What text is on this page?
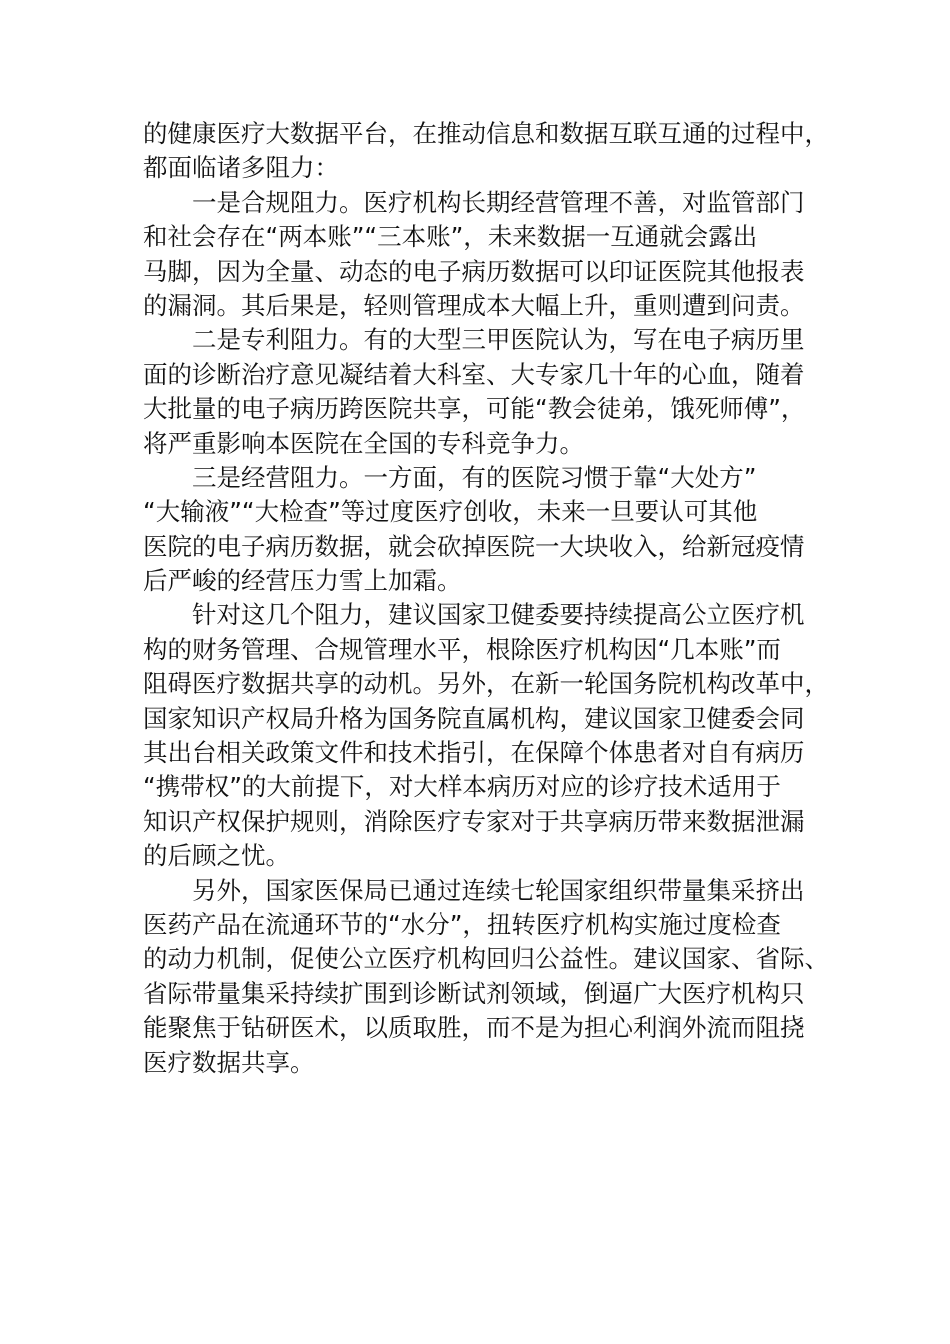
的健康医疗大数据平台，在推动信息和数据互联互通的过程中，
都面临诸多阻力：
一是合规阻力。医疗机构长期经营管理不善，对监管部门
和社会存在“两本账”“三本账”，未来数据一互通就会露出
马脚，因为全量、动态的电子病历数据可以印证医院其他报表
的漏洞。其后果是，轻则管理成本大幅上升，重则遭到问责。
二是专利阻力。有的大型三甲医院认为，写在电子病历里
面的诊断治疗意见凝结着大科室、大专家几十年的心血，随着
大批量的电子病历跨医院共享，可能“教会徒弟，饿死师傅”，
将严重影响本医院在全国的专科竞争力。
三是经营阻力。一方面，有的医院习惯于靠“大处方”
“大输液”“大检查”等过度医疗创收，未来一旦要认可其他
医院的电子病历数据，就会砍掉医院一大块收入，给新冠疫情
后严峻的经营压力雪上加霜。
针对这几个阻力，建议国家卫健委要持续提高公立医疗机
构的财务管理、合规管理水平，根除医疗机构因“几本账”而
阻碍医疗数据共享的动机。另外，在新一轮国务院机构改革中，
国家知识产权局升格为国务院直属机构，建议国家卫健委会同
其出台相关政策文件和技术指引，在保障个体患者对自有病历
“携带权”的大前提下，对大样本病历对应的诊疗技术适用于
知识产权保护规则，消除医疗专家对于共享病历带来数据泄漏
的后顾之忧。
另外，国家医保局已通过连续七轮国家组织带量集采挤出
医药产品在流通环节的“水分”，扭转医疗机构实施过度检查
的动力机制，促使公立医疗机构回归公益性。建议国家、省际、
省际带量集采持续扩围到诊断试剂领域，倒逼广大医疗机构只
能聚焦于钻研医术，以质取胜，而不是为担心利润外流而阻挠
医疗数据共享。
